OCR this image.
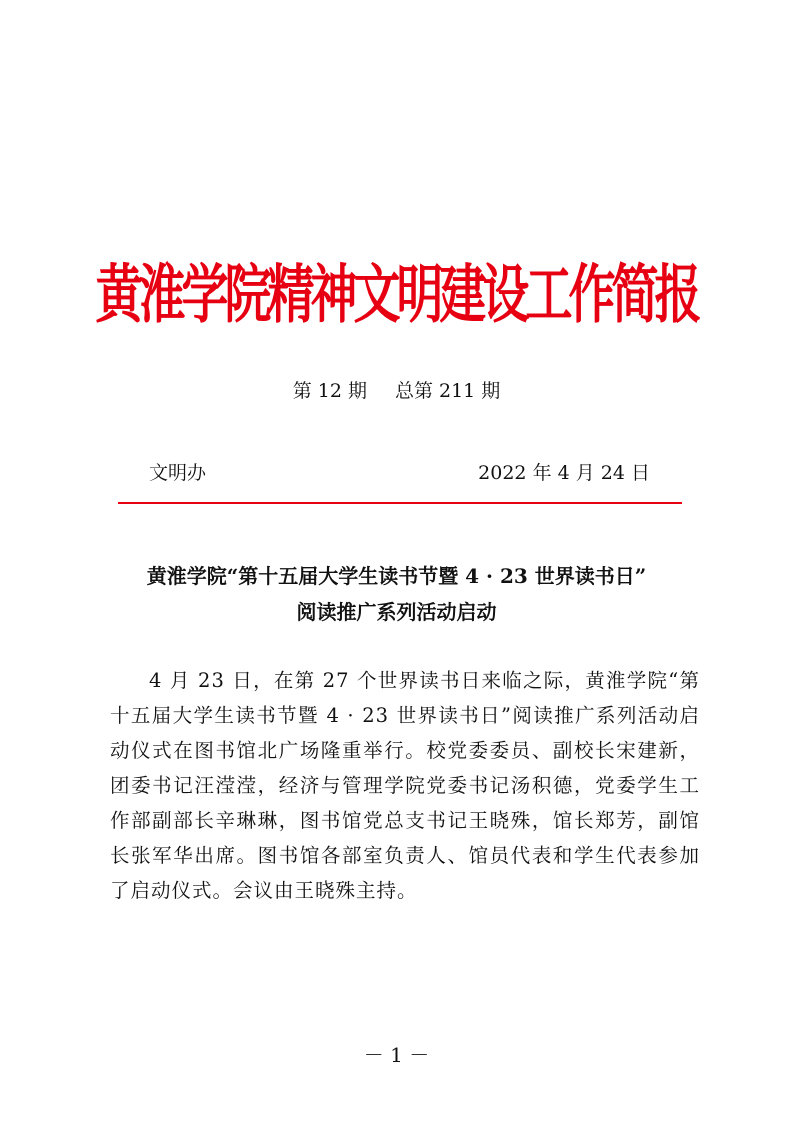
黄淮学院精神文明建设工作简报
第 12 期 总第 211 期
文明办	2022 年 4 月 24 日
黄淮学院“第十五届大学生读书节暨 4 · 23 世界读书日”
阅读推广系列活动启动
4 月 23 日，在第 27 个世界读书日来临之际，黄淮学院“第十五届大学生读书节暨 4 · 23 世界读书日”阅读推广系列活动启动仪式在图书馆北广场隆重举行。校党委委员、副校长宋建新，团委书记汪滢滢，经济与管理学院党委书记汤积德，党委学生工作部副部长辛琳琳，图书馆党总支书记王晓殊，馆长郑芳，副馆长张军华出席。图书馆各部室负责人、馆员代表和学生代表参加了启动仪式。会议由王晓殊主持。
－ 1 －
